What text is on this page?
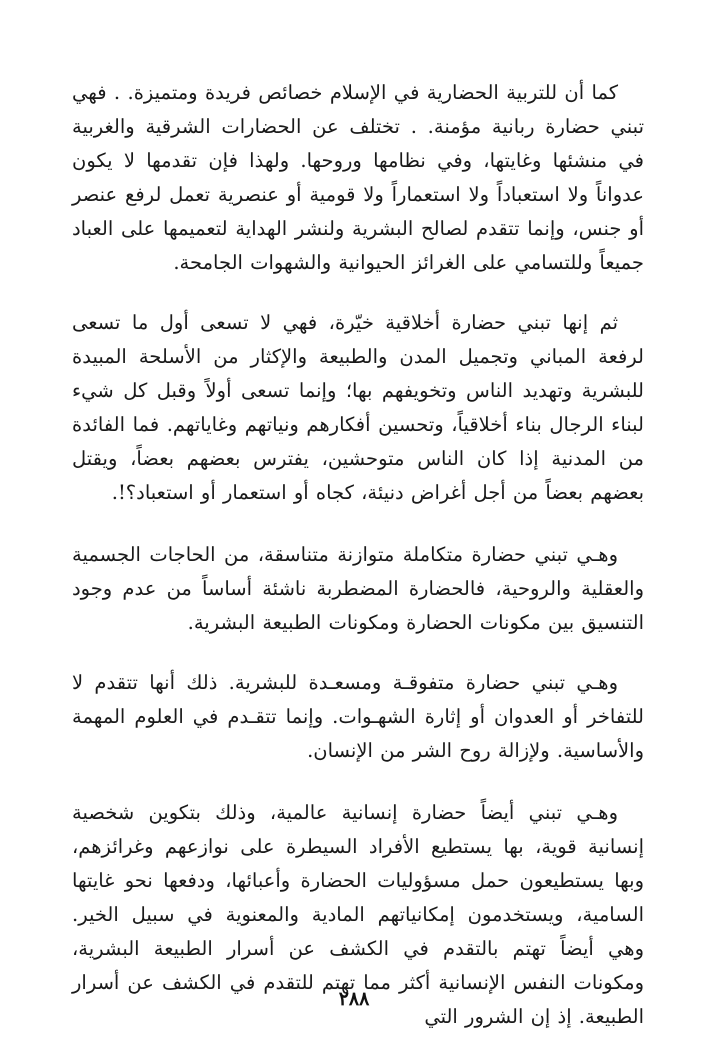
كما أن للتربية الحضارية في الإسلام خصائص فريدة ومتميزة. . فهي تبني حضارة ربانية مؤمنة. . تختلف عن الحضارات الشرقية والغربية في منشئها وغايتها، وفي نظامها وروحها. ولهذا فإن تقدمها لا يكون عدواناً ولا استعباداً ولا استعماراً ولا قومية أو عنصرية تعمل لرفع عنصر أو جنس، وإنما تتقدم لصالح البشرية ولنشر الهداية لتعميمها على العباد جميعاً وللتسامي على الغرائز الحيوانية والشهوات الجامحة.

ثم إنها تبني حضارة أخلاقية خيّرة، فهي لا تسعى أول ما تسعى لرفعة المباني وتجميل المدن والطبيعة والإكثار من الأسلحة المبيدة للبشرية وتهديد الناس وتخويفهم بها؛ وإنما تسعى أولاً وقبل كل شيء لبناء الرجال بناء أخلاقياً، وتحسين أفكارهم ونياتهم وغاياتهم. فما الفائدة من المدنية إذا كان الناس متوحشين، يفترس بعضهم بعضاً، ويقتل بعضهم بعضاً من أجل أغراض دنيئة، كجاه أو استعمار أو استعباد؟!.

وهـي تبني حضارة متكاملة متوازنة متناسقة، من الحاجات الجسمية والعقلية والروحية، فالحضارة المضطربة ناشئة أساساً من عدم وجود التنسيق بين مكونات الحضارة ومكونات الطبيعة البشرية.

وهـي تبني حضارة متفوقـة ومسعـدة للبشرية. ذلك أنها تتقدم لا للتفاخر أو العدوان أو إثارة الشهـوات. وإنما تتقـدم في العلوم المهمة والأساسية. ولإزالة روح الشر من الإنسان.

وهـي تبني أيضاً حضارة إنسانية عالمية، وذلك بتكوين شخصية إنسانية قوية، بها يستطيع الأفراد السيطرة على نوازعهم وغرائزهم، وبها يستطيعون حمل مسؤوليات الحضارة وأعبائها، ودفعها نحو غايتها السامية، ويستخدمون إمكانياتهم المادية والمعنوية في سبيل الخير. وهي أيضاً تهتم بالتقدم في الكشف عن أسرار الطبيعة البشرية، ومكونات النفس الإنسانية أكثر مما تهتم للتقدم في الكشف عن أسرار الطبيعة. إذ إن الشرور التي

٢٨٨
